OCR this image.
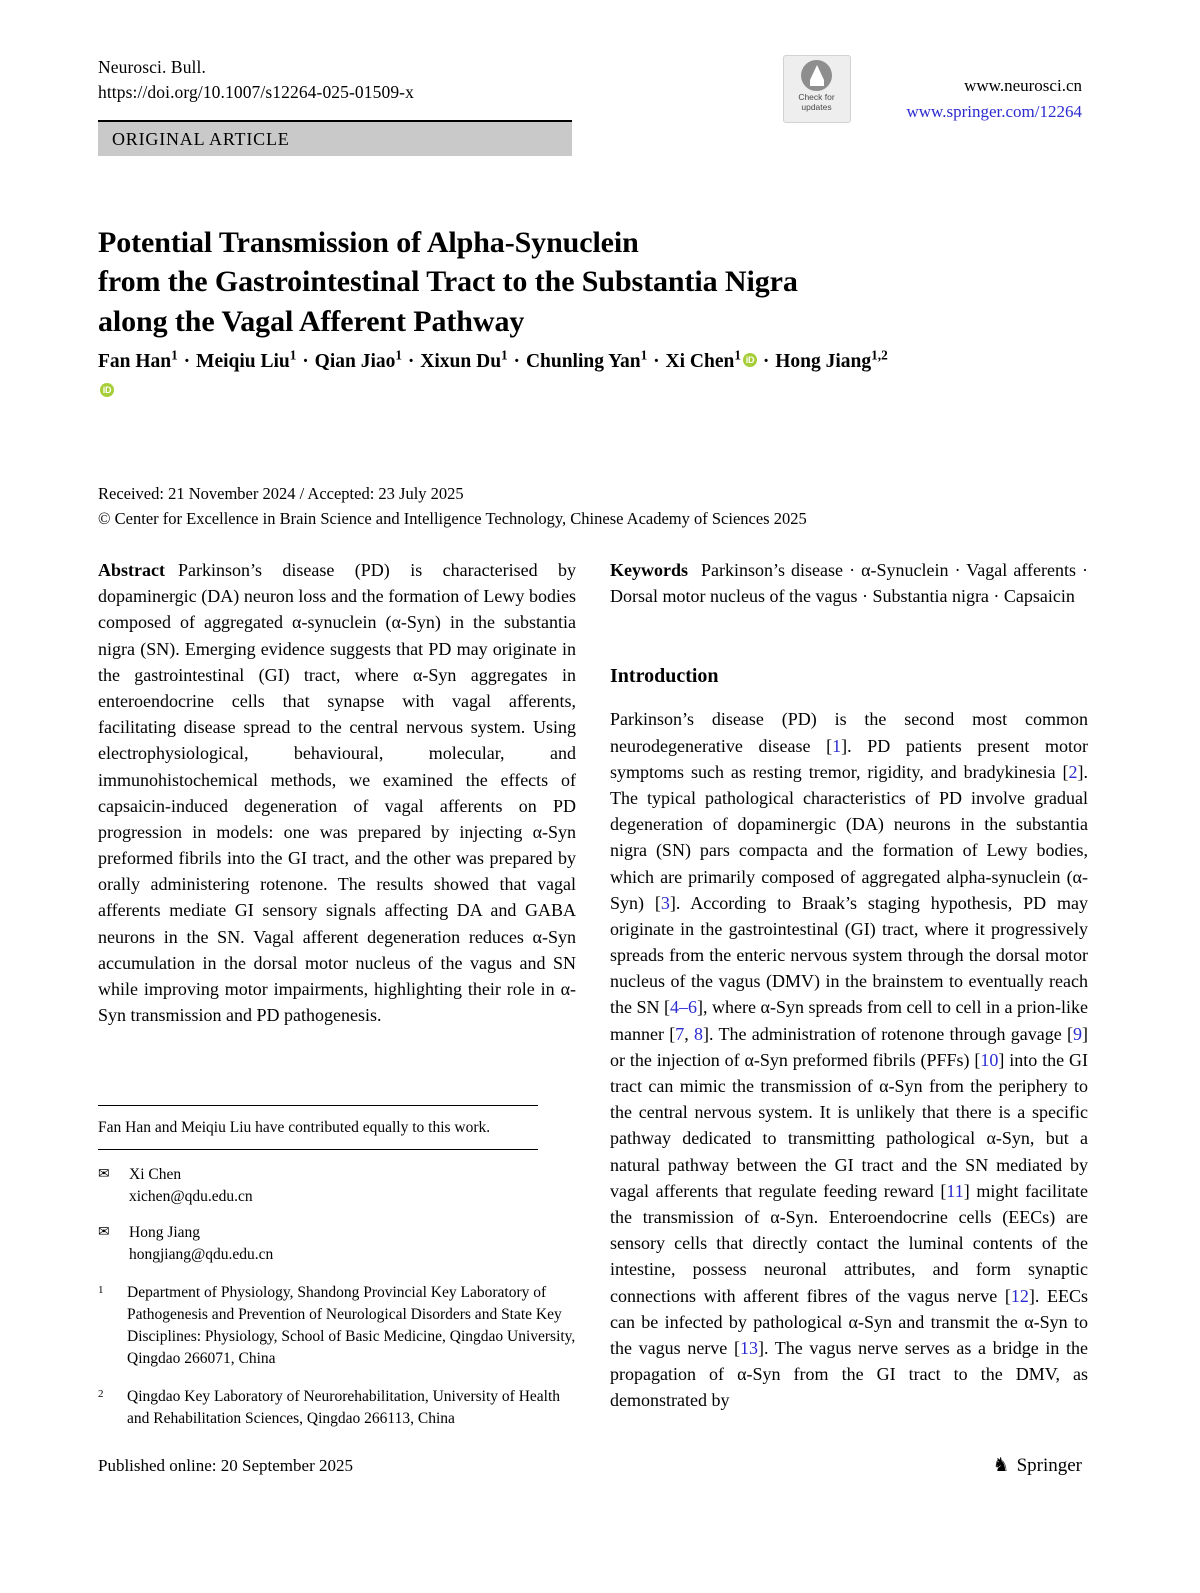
Neurosci. Bull.
https://doi.org/10.1007/s12264-025-01509-x	Check for
updates
www.neurosci.cn
www.springer.com/12264
ORIGINAL ARTICLE
Potential Transmission of Alpha-Synuclein
from the Gastrointestinal Tract to the Substantia Nigra
along the Vagal Afferent Pathway
Fan Han$^1$ · Meiqiu Liu$^1$ · Qian Jiao$^1$ · Xixun $Du^1$ · Chunling Yan$^1$ · Xi Chen$^1$ iD · Hong Jiang$^{1,2}$iD
Received: 21 November 2024 / Accepted: 23 July 2025
© Center for Excellence in Brain Science and Intelligence Technology, Chinese Academy of Sciences 2025

Abstract Parkinson’s disease (PD) is characterised by dopaminergic (DA) neuron loss and the formation of Lewy bodies composed of aggregated α-synuclein (α-Syn) in the substantia nigra (SN). Emerging evidence suggests that PD may originate in the gastrointestinal (GI) tract, where α-Syn aggregates in enteroendocrine cells that synapse with vagal afferents, facilitating disease spread to the central nervous system. Using electrophysiological, behavioural, molecular, and immunohistochemical methods, we examined the effects of capsaicin-induced degeneration of vagal afferents on PD progression in models: one was prepared by injecting α-Syn preformed fibrils into the GI tract, and the other was prepared by orally administering rotenone. The results showed that vagal afferents mediate GI sensory signals affecting DA and GABA neurons in the SN. Vagal afferent degeneration reduces α-Syn accumulation in the dorsal motor nucleus of the vagus and SN while improving motor impairments, highlighting their role in α-Syn transmission and PD pathogenesis.

Keywords Parkinson’s disease · α-Synuclein · Vagal afferents · Dorsal motor nucleus of the vagus · Substantia nigra · Capsaicin

Introduction

Parkinson’s disease (PD) is the second most common neurodegenerative disease [1]. PD patients present motor symptoms such as resting tremor, rigidity, and bradykinesia [2]. The typical pathological characteristics of PD involve gradual degeneration of dopaminergic (DA) neurons in the substantia nigra (SN) pars compacta and the formation of Lewy bodies, which are primarily composed of aggregated alpha-synuclein (α-Syn) [3]. According to Braak’s staging hypothesis, PD may originate in the gastrointestinal (GI) tract, where it progressively spreads from the enteric nervous system through the dorsal motor nucleus of the vagus (DMV) in the brainstem to eventually reach the SN [4–6], where α-Syn spreads from cell to cell in a prion-like manner [7, 8]. The administration of rotenone through gavage [9] or the injection of α-Syn preformed fibrils (PFFs) [10] into the GI tract can mimic the transmission of α-Syn from the periphery to the central nervous system. It is unlikely that there is a specific pathway dedicated to transmitting pathological α-Syn, but a natural pathway between the GI tract and the SN mediated by vagal afferents that regulate feeding reward [11] might facilitate the transmission of α-Syn. Enteroendocrine cells (EECs) are sensory cells that directly contact the luminal contents of the intestine, possess neuronal attributes, and form synaptic connections with afferent fibres of the vagus nerve [12]. EECs can be infected by pathological α-Syn and transmit the α-Syn to the vagus nerve [13]. The vagus nerve serves as a bridge in the propagation of α-Syn from the GI tract to the DMV, as demonstrated by

Fan Han and Meiqiu Liu have contributed equally to this work.
✉	Xi Chen
xichen@qdu.edu.cn
✉	Hong Jiang
hongjiang@qdu.edu.cn
1	Department of Physiology, Shandong Provincial Key Laboratory of Pathogenesis and Prevention of Neurological Disorders and State Key Disciplines: Physiology, School of Basic Medicine, Qingdao University, Qingdao 266071, China
2	Qingdao Key Laboratory of Neurorehabilitation, University of Health and Rehabilitation Sciences, Qingdao 266113, China
Published online: 20 September 2025	♞ Springer
